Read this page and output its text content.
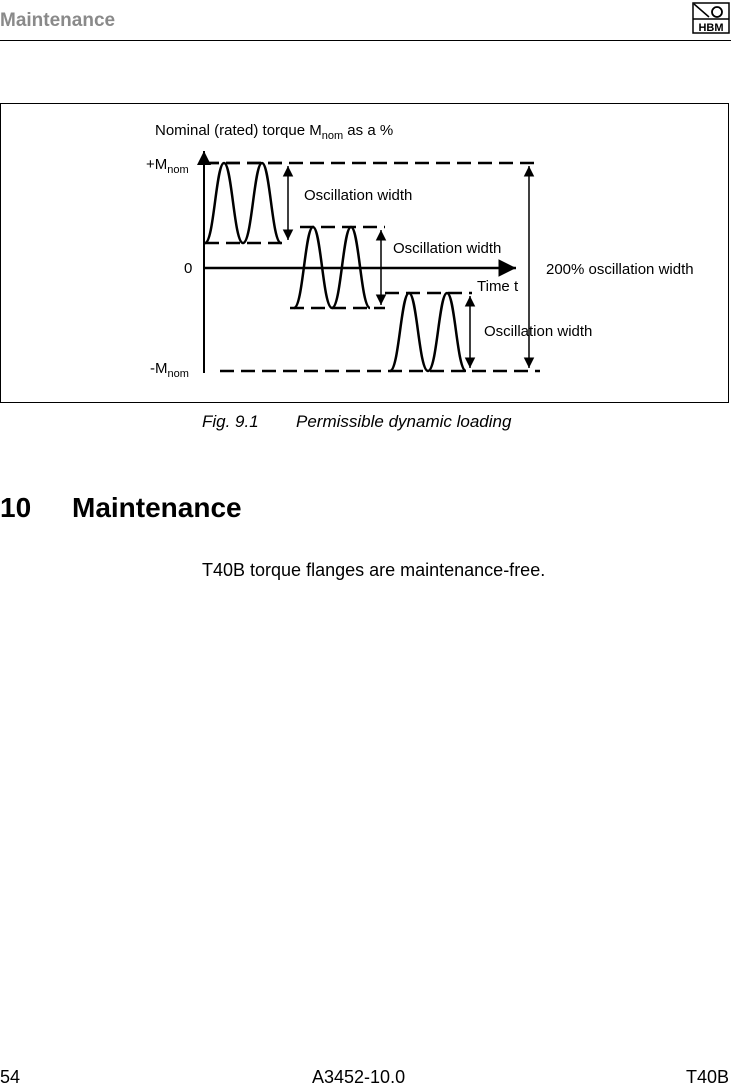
Maintenance	HBM
Nominal (rated) torque $M_{nom}$ as a %
$+M_{nom}$
0
$-M_{nom}$
Time t
Oscillation width
Oscillation width
Oscillation width
200% oscillation width
Fig. 9.1 Permissible dynamic loading
10 Maintenance
T40B torque flanges are maintenance-free.
54	A3452-10.0	T40B
